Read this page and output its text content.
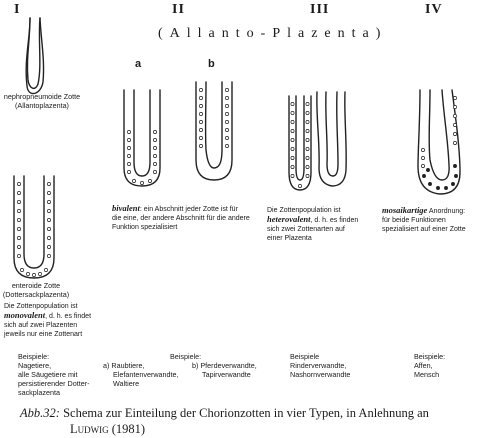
I	II	III	IV
(Allanto-Plazenta)
a	b
nephropneumoide Zotte
(Allantoplazenta)
enteroide Zotte
(Dottersackplazenta)
Die Zottenpopulation ist
monovalent, d. h. es findet
sich auf zwei Plazenten
jeweils nur eine Zottenart
bivalent: ein Abschnitt jeder Zotte ist für
die eine, der andere Abschnitt für die andere
Funktion spezialisiert
Die Zottenpopulation ist
heterovalent, d. h. es finden
sich zwei Zottenarten auf
einer Plazenta
mosaikartige Anordnung:
für beide Funktionen
spezialisiert auf einer Zotte
Beispiele:
Nagetiere,
alle Säugetiere mit
persistierender Dotter-
sackplazenta
Beispiele:
a) Raubtiere,
Elefantenverwandte,
Waltiere
b) Pferdeverwandte,
Tapirverwandte
Beispiele
Rinderverwandte,
Nashornverwandte
Beispiele:
Affen,
Mensch
Abb.32: Schema zur Einteilung der Chorionzotten in vier Typen, in Anlehnung an
Ludwig (1981)
